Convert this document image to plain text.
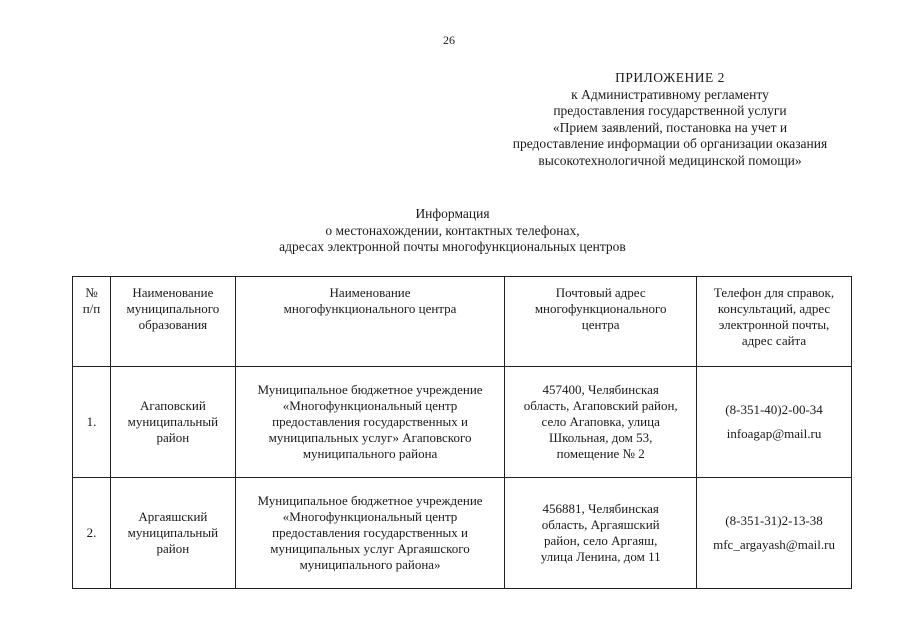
26
ПРИЛОЖЕНИЕ 2
к Административному регламенту
предоставления государственной услуги
«Прием заявлений, постановка на учет и
предоставление информации об организации оказания
высокотехнологичной медицинской помощи»
Информация
о местонахождении, контактных телефонах,
адресах электронной почты многофункциональных центров
№
п/п	Наименование
муниципального
образования	Наименование
многофункционального центра	Почтовый адрес
многофункционального
центра	Телефон для справок,
консультаций, адрес
электронной почты,
адрес сайта

1.	Агаповский
муниципальный
район	Муниципальное бюджетное учреждение
«Многофункциональный центр
предоставления государственных и
муниципальных услуг» Агаповского
муниципального района	457400, Челябинская
область, Агаповский район,
село Агаповка, улица
Школьная, дом 53,
помещение № 2	(8-351-40)2-00-34
infoagap@mail.ru

2.	Аргаяшский
муниципальный
район	Муниципальное бюджетное учреждение
«Многофункциональный центр
предоставления государственных и
муниципальных услуг Аргаяшского
муниципального района»	456881, Челябинская
область, Аргаяшский
район, село Аргаяш,
улица Ленина, дом 11	(8-351-31)2-13-38
mfc_argayash@mail.ru
